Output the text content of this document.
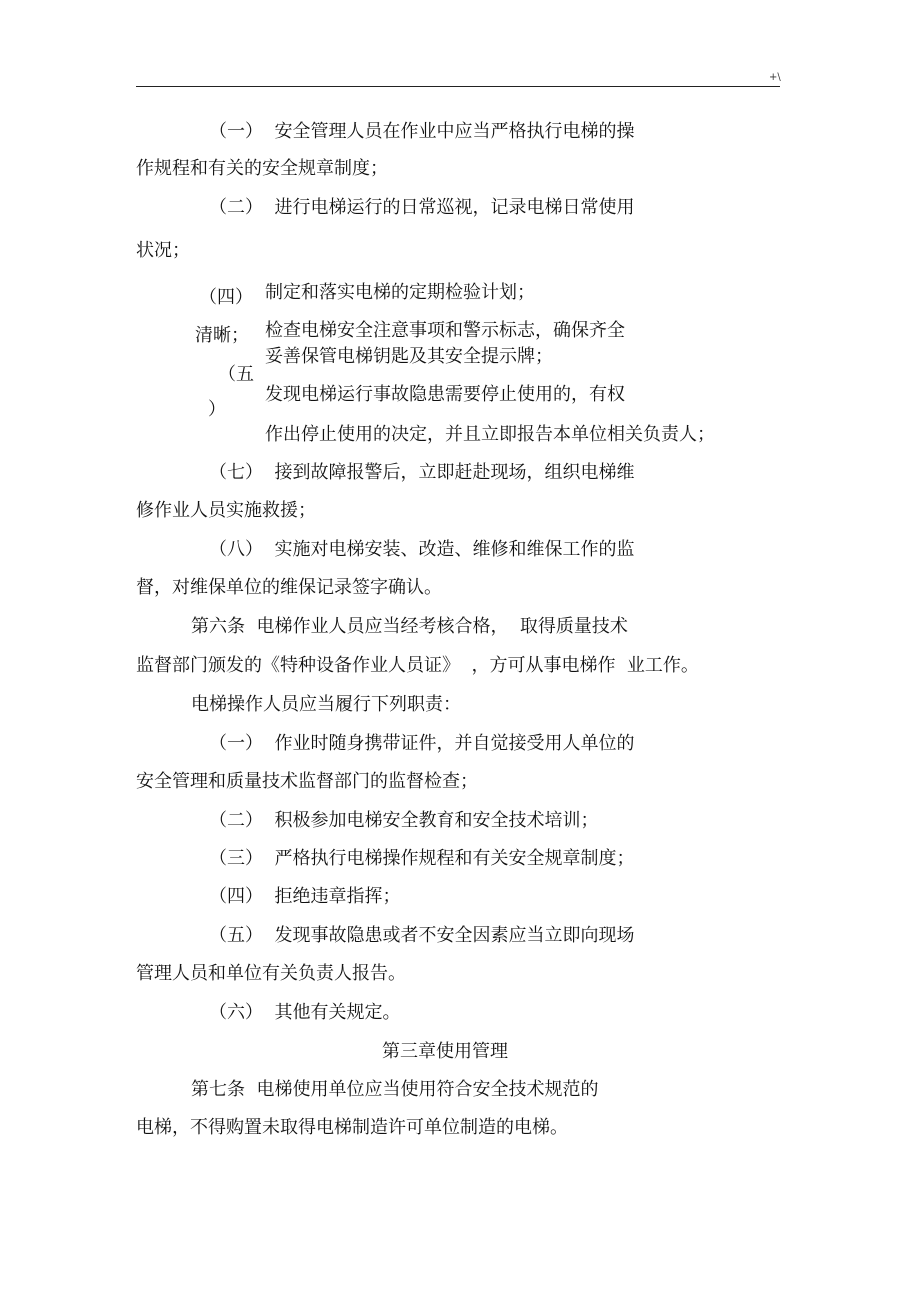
+\
（一）  安全管理人员在作业中应当严格执行电梯的操
作规程和有关的安全规章制度；
（二）  进行电梯运行的日常巡视，记录电梯日常使用
状况；
（四） 制定和落实电梯的定期检验计划；
清晰； 检查电梯安全注意事项和警示标志，确保齐全
妥善保管电梯钥匙及其安全提示牌；
（五
发现电梯运行事故隐患需要停止使用的，有权
）
作出停止使用的决定，并且立即报告本单位相关负责人；
（七）  接到故障报警后，立即赶赴现场，组织电梯维
修作业人员实施救援；
（八）  实施对电梯安装、改造、维修和维保工作的监
督，对维保单位的维保记录签字确认。
第六条  电梯作业人员应当经考核合格，  取得质量技术
监督部门颁发的《特种设备作业人员证》  ，方可从事电梯作  业工作。
电梯操作人员应当履行下列职责：
（一）  作业时随身携带证件，并自觉接受用人单位的
安全管理和质量技术监督部门的监督检查；
（二）  积极参加电梯安全教育和安全技术培训；
（三）  严格执行电梯操作规程和有关安全规章制度；
（四）  拒绝违章指挥；
（五）  发现事故隐患或者不安全因素应当立即向现场
管理人员和单位有关负责人报告。
（六）  其他有关规定。
第三章使用管理
第七条  电梯使用单位应当使用符合安全技术规范的
电梯，不得购置未取得电梯制造许可单位制造的电梯。
